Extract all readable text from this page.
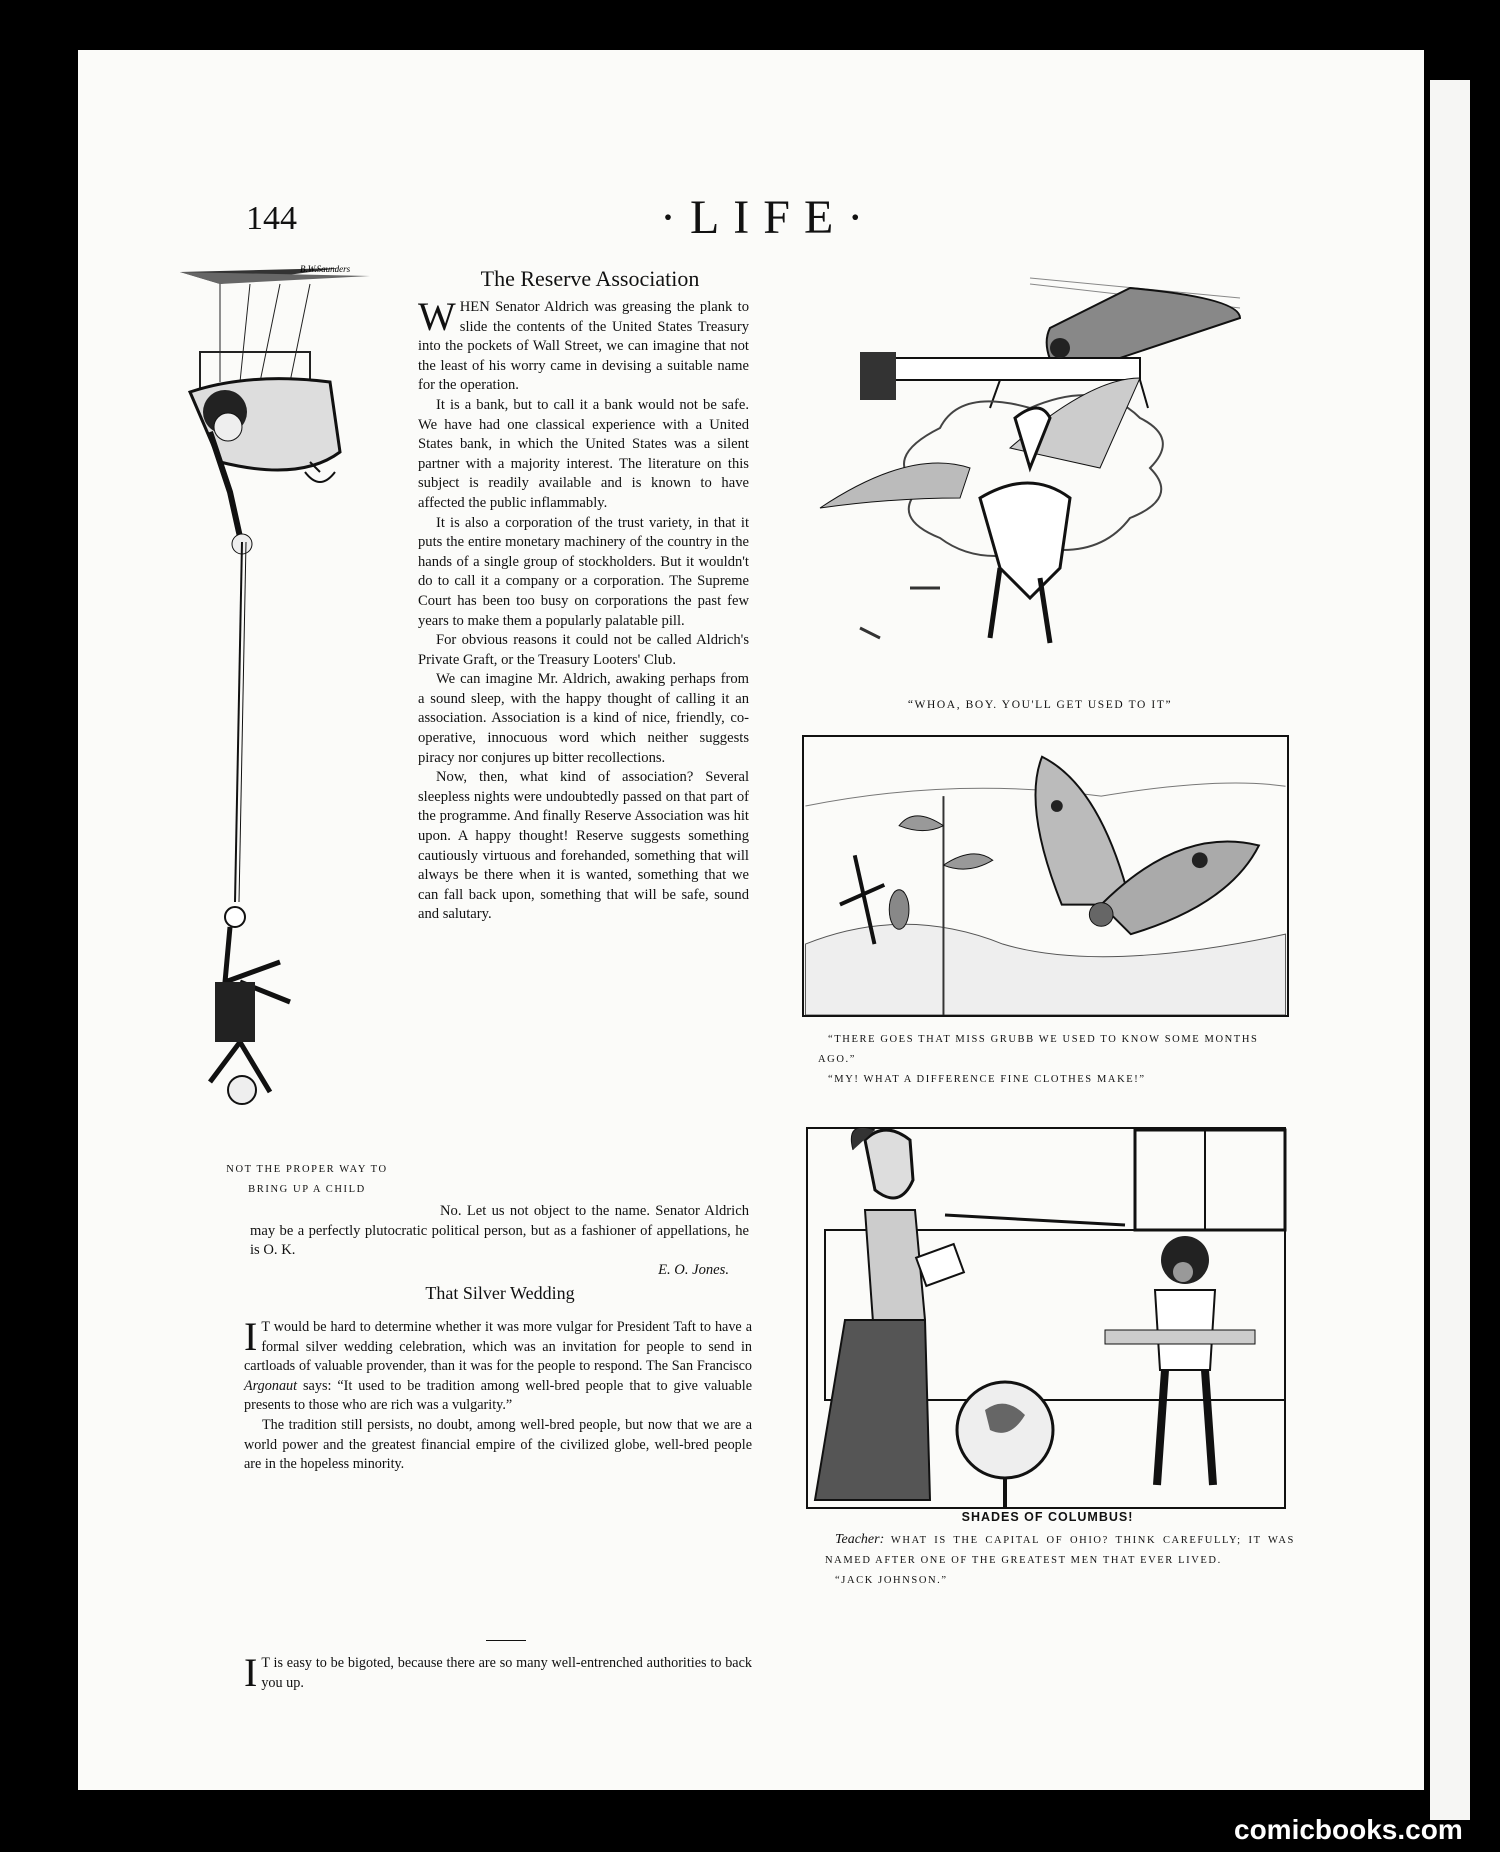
144	·LIFE·
B.W.Saunders
NOT THE PROPER WAY TO
BRING UP A CHILD
The Reserve Association

WHEN Senator Aldrich was greasing the plank to slide the contents of the United States Treasury into the pockets of Wall Street, we can imagine that not the least of his worry came in devising a suitable name for the operation.

It is a bank, but to call it a bank would not be safe. We have had one classical experience with a United States bank, in which the United States was a silent partner with a majority interest. The literature on this subject is readily available and is known to have affected the public inflammably.

It is also a corporation of the trust variety, in that it puts the entire monetary machinery of the country in the hands of a single group of stockholders. But it wouldn't do to call it a company or a corporation. The Supreme Court has been too busy on corporations the past few years to make them a popularly palatable pill.

For obvious reasons it could not be called Aldrich's Private Graft, or the Treasury Looters' Club.

We can imagine Mr. Aldrich, awaking perhaps from a sound sleep, with the happy thought of calling it an association. Association is a kind of nice, friendly, co-operative, innocuous word which neither suggests piracy nor conjures up bitter recollections.

Now, then, what kind of association? Several sleepless nights were undoubtedly passed on that part of the programme. And finally Reserve Association was hit upon. A happy thought! Reserve suggests something cautiously virtuous and forehanded, something that will always be there when it is wanted, something that we can fall back upon, something that will be safe, sound and salutary.

No. Let us not object to the name. Senator Aldrich may be a perfectly plutocratic political person, but as a fashioner of appellations, he is O. K.

E. O. Jones.
That Silver Wedding

I T would be hard to determine whether it was more vulgar for President Taft to have a formal silver wedding celebration, which was an invitation for people to send in cartloads of valuable provender, than it was for the people to respond. The San Francisco Argonaut says: “It used to be tradition among well-bred people that to give valuable presents to those who are rich was a vulgarity.”

The tradition still persists, no doubt, among well-bred people, but now that we are a world power and the greatest financial empire of the civilized globe, well-bred people are in the hopeless minority.

I T is easy to be bigoted, because there are so many well-entrenched authorities to back you up.

“WHOA, BOY. YOU'LL GET USED TO IT”
“THERE GOES THAT MISS GRUBB WE USED TO KNOW SOME MONTHS AGO.”
“MY! WHAT A DIFFERENCE FINE CLOTHES MAKE!”
SHADES OF COLUMBUS!
Teacher: WHAT IS THE CAPITAL OF OHIO? THINK CAREFULLY; IT WAS NAMED AFTER ONE OF THE GREATEST MEN THAT EVER LIVED.
“JACK JOHNSON.”
comicbooks.com
